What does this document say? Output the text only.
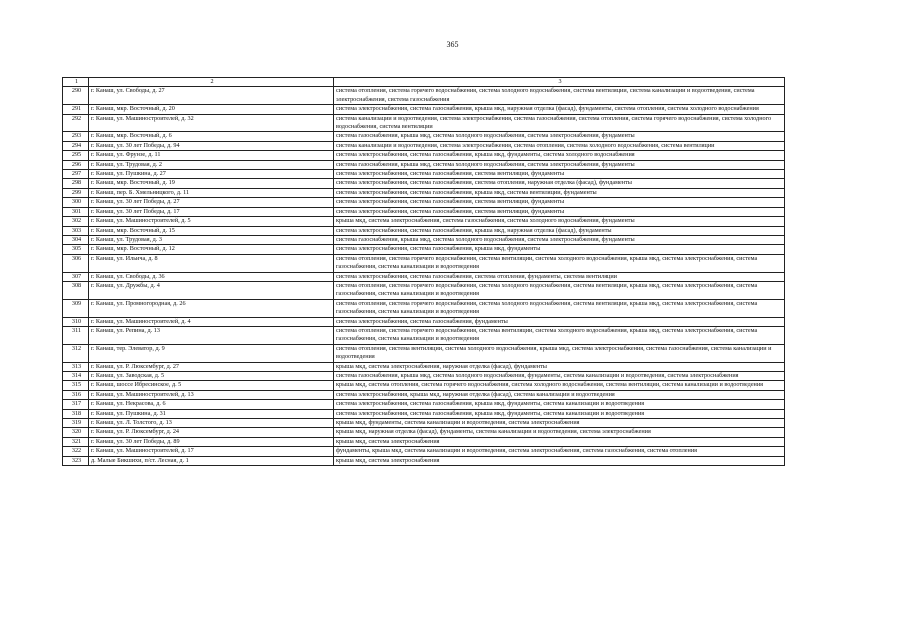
365
1	2	3
290	г. Канаш, ул. Свободы, д. 27	система отопления, система горячего водоснабжения, система холодного водоснабжения, система вентиляции, система канализации и водоотведения, система электроснабжения, система газоснабжения
291	г. Канаш, мкр. Восточный, д. 20	система электроснабжения, система газоснабжения, крыша мкд, наружная отделка (фасад), фундаменты, система отопления, система холодного водоснабжения
292	г. Канаш, ул. Машиностроителей, д. 32	система канализации и водоотведения, система электроснабжения, система газоснабжения, система отопления, система горячего водоснабжения, система холодного водоснабжения, система вентиляции
293	г. Канаш, мкр. Восточный, д. 6	система газоснабжения, крыша мкд, система холодного водоснабжения, система электроснабжения, фундаменты
294	г. Канаш, ул. 30 лет Победы, д. 94	система канализации и водоотведения, система электроснабжения, система отопления, система холодного водоснабжения, система вентиляции
295	г. Канаш, ул. Фрунзе, д. 11	система электроснабжения, система газоснабжения, крыша мкд, фундаменты, система холодного водоснабжения
296	г. Канаш, ул. Трудовая, д. 2	система газоснабжения, крыша мкд, система холодного водоснабжения, система электроснабжения, фундаменты
297	г. Канаш, ул. Пушкина, д. 27	система электроснабжения, система газоснабжения, система вентиляции, фундаменты
298	г. Канаш, мкр. Восточный, д. 19	система электроснабжения, система газоснабжения, система отопления, наружная отделка (фасад), фундаменты
299	г. Канаш, пер. Б. Хмельницкого, д. 11	система электроснабжения, система газоснабжения, крыша мкд, система вентиляции, фундаменты
300	г. Канаш, ул. 30 лет Победы, д. 27	система электроснабжения, система газоснабжения, система вентиляции, фундаменты
301	г. Канаш, ул. 30 лет Победы, д. 17	система электроснабжения, система газоснабжения, система вентиляции, фундаменты
302	г. Канаш, ул. Машиностроителей, д. 5	крыша мкд, система электроснабжения, система газоснабжения, система холодного водоснабжения, фундаменты
303	г. Канаш, мкр. Восточный, д. 15	система электроснабжения, система газоснабжения, крыша мкд, наружная отделка (фасад), фундаменты
304	г. Канаш, ул. Трудовая, д. 3	система газоснабжения, крыша мкд, система холодного водоснабжения, система электроснабжения, фундаменты
305	г. Канаш, мкр. Восточный, д. 12	система электроснабжения, система газоснабжения, крыша мкд, фундаменты
306	г. Канаш, ул. Ильича, д. 8	система отопления, система горячего водоснабжения, система вентиляции, система холодного водоснабжения, крыша мкд, система электроснабжения, система газоснабжения, система канализации и водоотведения
307	г. Канаш, ул. Свободы, д. 36	система электроснабжения, система газоснабжения, система отопления, фундаменты, система вентиляции
308	г. Канаш, ул. Дружбы, д. 4	система отопления, система горячего водоснабжения, система холодного водоснабжения, система вентиляции, крыша мкд, система электроснабжения, система газоснабжения, система канализации и водоотведения
309	г. Канаш, ул. Промногородная, д. 26	система отопления, система горячего водоснабжения, система холодного водоснабжения, система вентиляции, крыша мкд, система электроснабжения, система газоснабжения, система канализации и водоотведения
310	г. Канаш, ул. Машиностроителей, д. 4	система электроснабжения, система газоснабжения, фундаменты
311	г. Канаш, ул. Репина, д. 13	система отопления, система горячего водоснабжения, система вентиляции, система холодного водоснабжения, крыша мкд, система электроснабжения, система газоснабжения, система канализации и водоотведения
312	г. Канаш, тер. Элеватор, д. 9	система отопления, система вентиляции, система холодного водоснабжения, крыша мкд, система электроснабжения, система газоснабжения, система канализации и водоотведения
313	г. Канаш, ул. Р. Люксембург, д. 27	крыша мкд, система электроснабжения, наружная отделка (фасад), фундаменты
314	г. Канаш, ул. Заводская, д. 5	система газоснабжения, крыша мкд, система холодного водоснабжения, фундаменты, система канализации и водоотведения, система электроснабжения
315	г. Канаш, шоссе Ибресинское, д. 5	крыша мкд, система отопления, система горячего водоснабжения, система холодного водоснабжения, система вентиляции, система канализации и водоотведения
316	г. Канаш, ул. Машиностроителей, д. 13	система электроснабжения, крыша мкд, наружная отделка (фасад), система канализации и водоотведения
317	г. Канаш, ул. Некрасова, д. 6	система электроснабжения, система газоснабжения, крыша мкд, фундаменты, система канализации и водоотведения
318	г. Канаш, ул. Пушкина, д. 31	система электроснабжения, система газоснабжения, крыша мкд, фундаменты, система канализации и водоотведения
319	г. Канаш, ул. Л. Толстого, д. 13	крыша мкд, фундаменты, система канализации и водоотведения, система электроснабжения
320	г. Канаш, ул. Р. Люксембург, д. 24	крыша мкд, наружная отделка (фасад), фундаменты, система канализации и водоотведения, система электроснабжения
321	г. Канаш, ул. 30 лет Победы, д. 89	крыша мкд, система электроснабжения
322	г. Канаш, ул. Машиностроителей, д. 17	фундаменты, крыша мкд, система канализации и водоотведения, система электроснабжения, система газоснабжения, система отопления
323	д. Малые Бикшихи, п/ст. Лесная, д. 1	крыша мкд, система электроснабжения
